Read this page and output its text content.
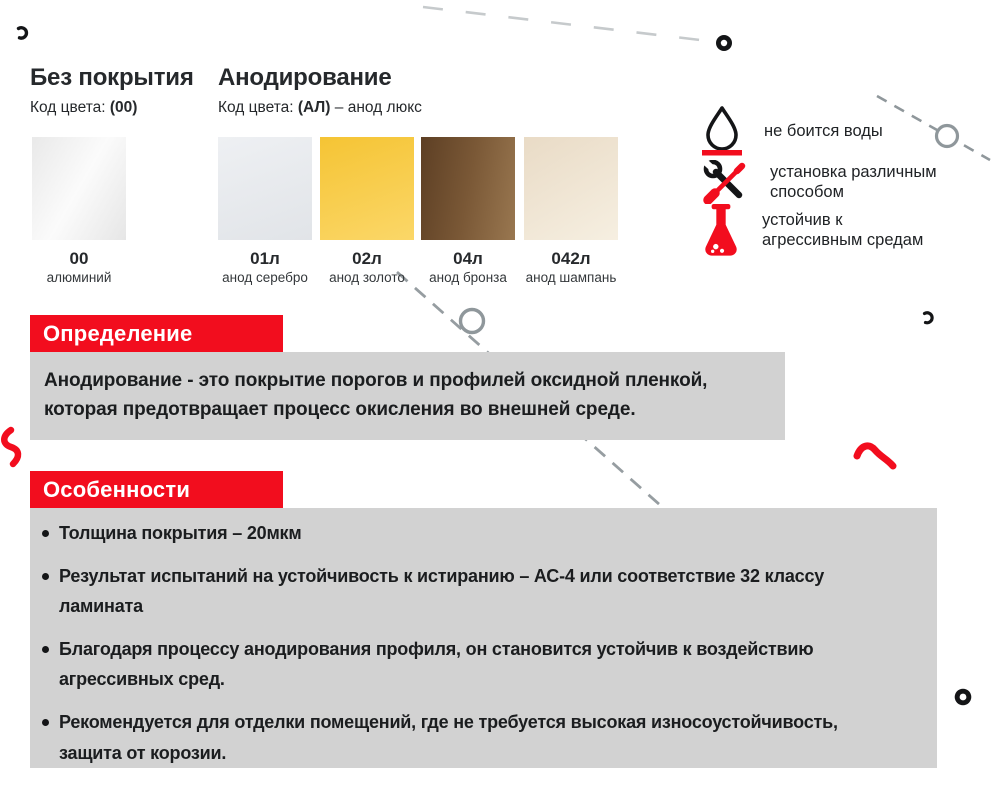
Без покрытия
Код цвета: (00)
Анодирование
Код цвета: (АЛ) – анод люкс
00
алюминий
01л
анод серебро
02л
анод золото
04л
анод бронза
042л
анод шампань
не боится воды
установка различным способом
устойчив к агрессивным средам
Определение

Анодирование - это покрытие порогов и профилей оксидной пленкой, которая предотвращает процесс окисления во внешней среде.

Особенности
Толщина покрытия – 20мкм
Результат испытаний на устойчивость к истиранию – АС-4 или соответствие 32 классу ламината
Благодаря процессу анодирования профиля, он становится устойчив к воздействию агрессивных сред.
Рекомендуется для отделки помещений, где не требуется высокая износоустойчивость, защита от корозии.
